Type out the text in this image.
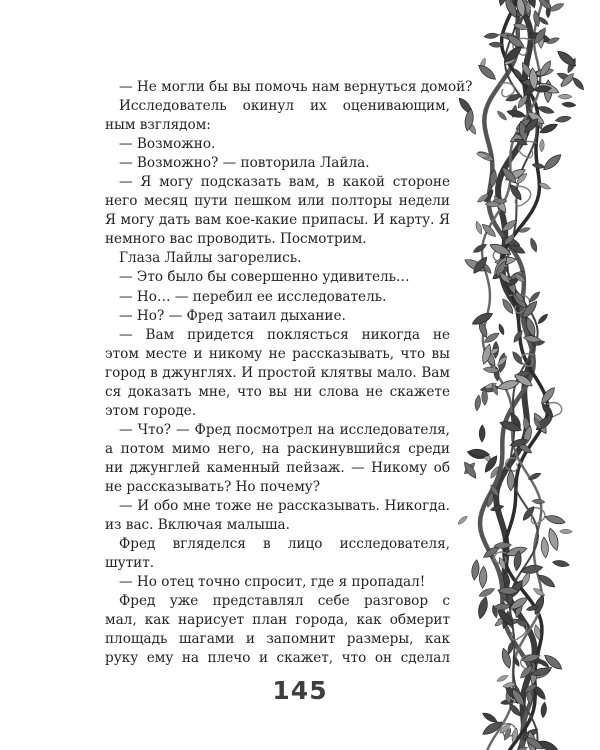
— Не могли бы вы помочь нам вернуться домой?
Исследователь окинул их оценивающим,
ным взглядом:
— Возможно.
— Возможно? — повторила Лайла.
— Я могу подсказать вам, в какой стороне
него месяц пути пешком или полторы недели
Я могу дать вам кое-какие припасы. И карту. Я
немного вас проводить. Посмотрим.
Глаза Лайлы загорелись.
— Это было бы совершенно удивитель…
— Но… — перебил ее исследователь.
— Но? — Фред затаил дыхание.
— Вам придется поклясться никогда не
этом месте и никому не рассказывать, что вы
город в джунглях. И простой клятвы мало. Вам
ся доказать мне, что вы ни слова не скажете
этом городе.
— Что? — Фред посмотрел на исследователя,
а потом мимо него, на раскинувшийся среди
ни джунглей каменный пейзаж. — Никому об
не рассказывать? Но почему?
— И обо мне тоже не рассказывать. Никогда.
из вас. Включая малыша.
Фред вгляделся в лицо исследователя,
шутит.
— Но отец точно спросит, где я пропадал!
Фред уже представлял себе разговор с
мал, как нарисует план города, как обмерит
площадь шагами и запомнит размеры, как
руку ему на плечо и скажет, что он сделал
145
